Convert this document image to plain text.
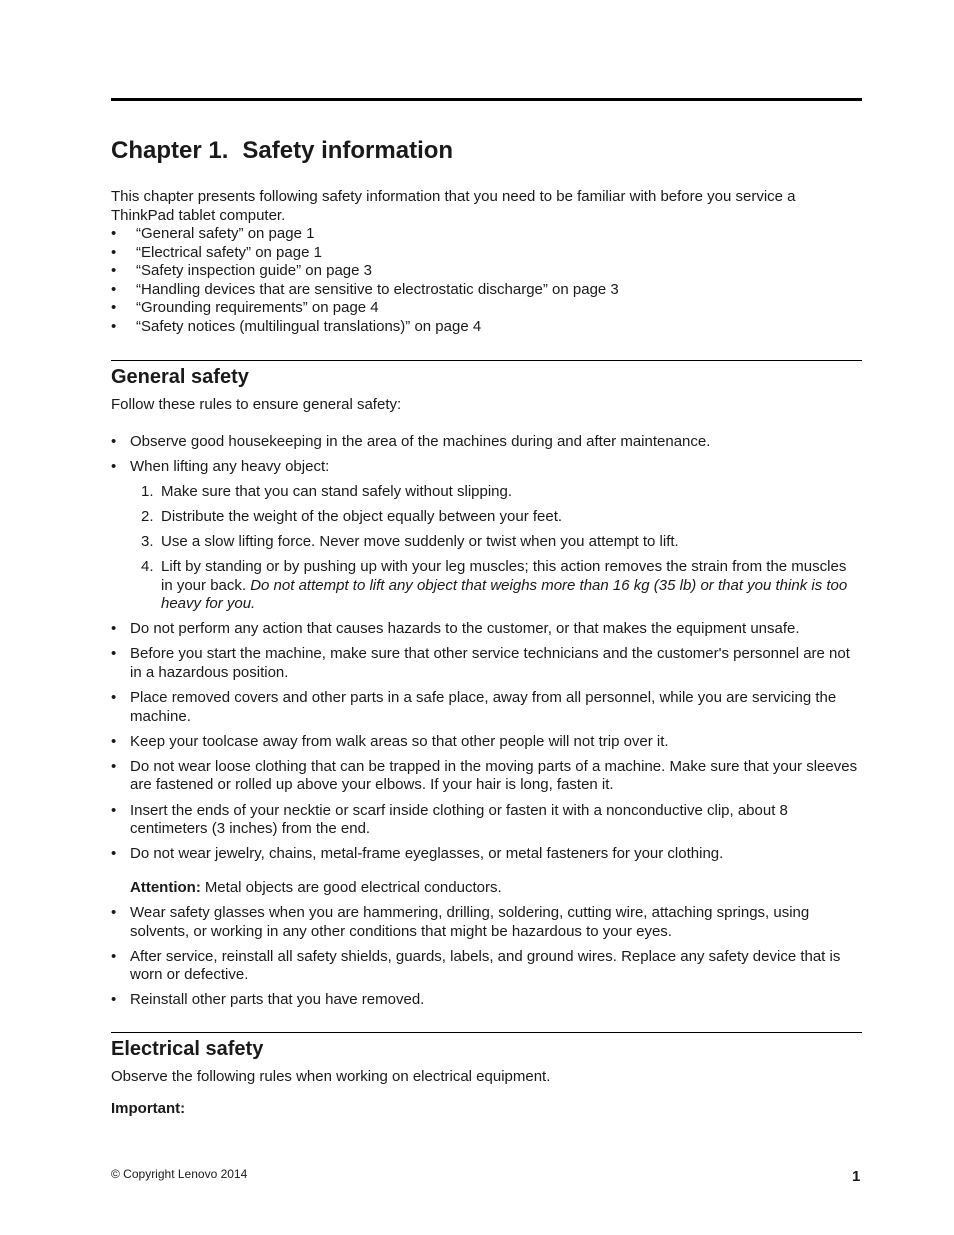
Chapter 1. Safety information
This chapter presents following safety information that you need to be familiar with before you service a ThinkPad tablet computer.
• “General safety” on page 1
• “Electrical safety” on page 1
• “Safety inspection guide” on page 3
• “Handling devices that are sensitive to electrostatic discharge” on page 3
• “Grounding requirements” on page 4
• “Safety notices (multilingual translations)” on page 4
General safety

Follow these rules to ensure general safety:

• Observe good housekeeping in the area of the machines during and after maintenance.
• When lifting any heavy object:
1. Make sure that you can stand safely without slipping.
2. Distribute the weight of the object equally between your feet.
3. Use a slow lifting force. Never move suddenly or twist when you attempt to lift.
4. Lift by standing or by pushing up with your leg muscles; this action removes the strain from the muscles in your back. Do not attempt to lift any object that weighs more than 16 kg (35 lb) or that you think is too heavy for you.
• Do not perform any action that causes hazards to the customer, or that makes the equipment unsafe.
• Before you start the machine, make sure that other service technicians and the customer's personnel are not in a hazardous position.
• Place removed covers and other parts in a safe place, away from all personnel, while you are servicing the machine.
• Keep your toolcase away from walk areas so that other people will not trip over it.
• Do not wear loose clothing that can be trapped in the moving parts of a machine. Make sure that your sleeves are fastened or rolled up above your elbows. If your hair is long, fasten it.
• Insert the ends of your necktie or scarf inside clothing or fasten it with a nonconductive clip, about 8 centimeters (3 inches) from the end.
• Do not wear jewelry, chains, metal-frame eyeglasses, or metal fasteners for your clothing.
Attention: Metal objects are good electrical conductors.
• Wear safety glasses when you are hammering, drilling, soldering, cutting wire, attaching springs, using solvents, or working in any other conditions that might be hazardous to your eyes.
• After service, reinstall all safety shields, guards, labels, and ground wires. Replace any safety device that is worn or defective.
• Reinstall other parts that you have removed.
Electrical safety

Observe the following rules when working on electrical equipment.

Important:
© Copyright Lenovo 2014	1
